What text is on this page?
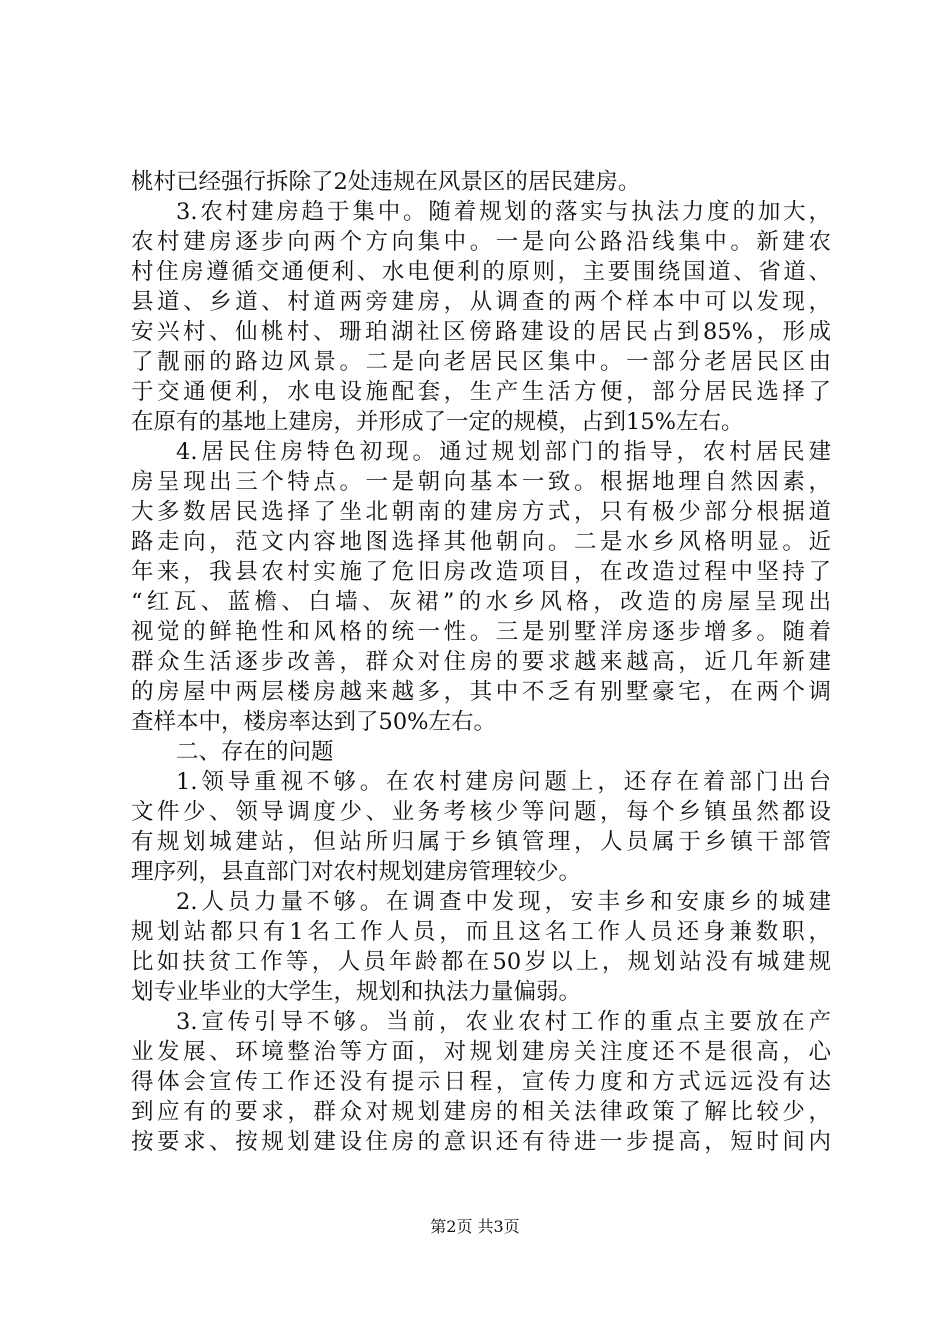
桃村已经强行拆除了2处违规在风景区的居民建房。
3.农村建房趋于集中。随着规划的落实与执法力度的加大，
农村建房逐步向两个方向集中。一是向公路沿线集中。新建农
村住房遵循交通便利、水电便利的原则，主要围绕国道、省道、
县道、乡道、村道两旁建房，从调查的两个样本中可以发现，
安兴村、仙桃村、珊珀湖社区傍路建设的居民占到85%，形成
了靓丽的路边风景。二是向老居民区集中。一部分老居民区由
于交通便利，水电设施配套，生产生活方便，部分居民选择了
在原有的基地上建房，并形成了一定的规模，占到15%左右。
4.居民住房特色初现。通过规划部门的指导，农村居民建
房呈现出三个特点。一是朝向基本一致。根据地理自然因素，
大多数居民选择了坐北朝南的建房方式，只有极少部分根据道
路走向，范文内容地图选择其他朝向。二是水乡风格明显。近
年来，我县农村实施了危旧房改造项目，在改造过程中坚持了
“红瓦、蓝檐、白墙、灰裙”的水乡风格，改造的房屋呈现出
视觉的鲜艳性和风格的统一性。三是别墅洋房逐步增多。随着
群众生活逐步改善，群众对住房的要求越来越高，近几年新建
的房屋中两层楼房越来越多，其中不乏有别墅豪宅，在两个调
查样本中，楼房率达到了50%左右。
二、存在的问题
1.领导重视不够。在农村建房问题上，还存在着部门出台
文件少、领导调度少、业务考核少等问题，每个乡镇虽然都设
有规划城建站，但站所归属于乡镇管理，人员属于乡镇干部管
理序列，县直部门对农村规划建房管理较少。
2.人员力量不够。在调查中发现，安丰乡和安康乡的城建
规划站都只有1名工作人员，而且这名工作人员还身兼数职，
比如扶贫工作等，人员年龄都在50岁以上，规划站没有城建规
划专业毕业的大学生，规划和执法力量偏弱。
3.宣传引导不够。当前，农业农村工作的重点主要放在产
业发展、环境整治等方面，对规划建房关注度还不是很高，心
得体会宣传工作还没有提示日程，宣传力度和方式远远没有达
到应有的要求，群众对规划建房的相关法律政策了解比较少，
按要求、按规划建设住房的意识还有待进一步提高，短时间内
第2页 共3页
